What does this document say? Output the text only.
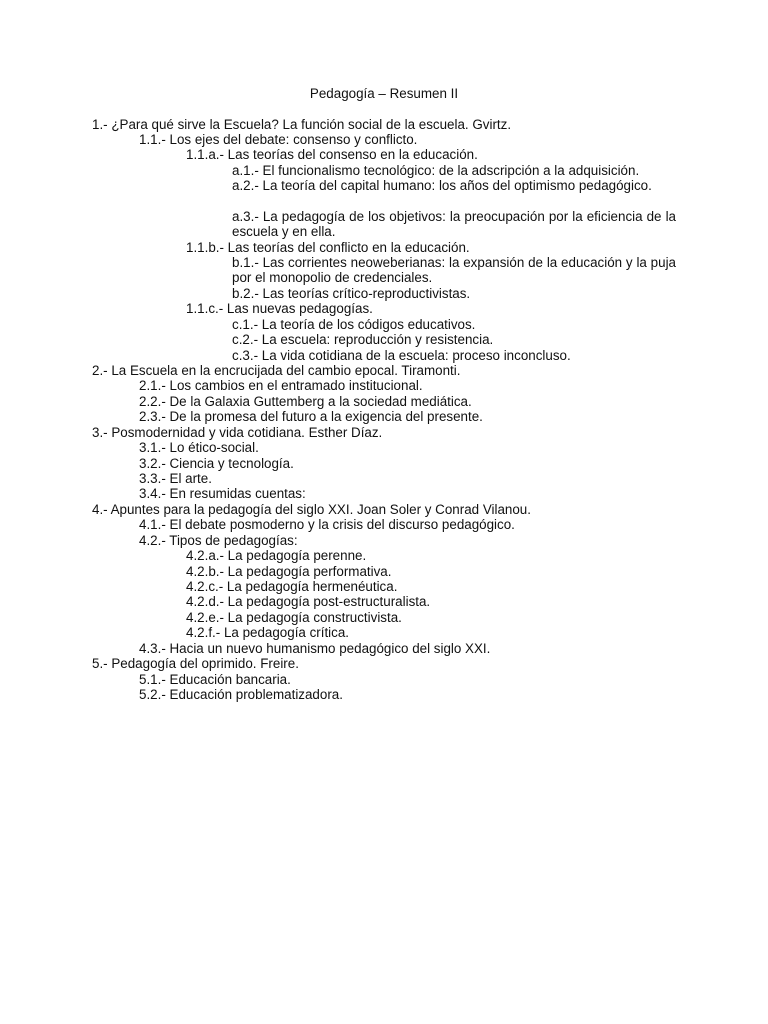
Pedagogía – Resumen II
1.- ¿Para qué sirve la Escuela? La función social de la escuela. Gvirtz.
1.1.- Los ejes del debate: consenso y conflicto.
1.1.a.- Las teorías del consenso en la educación.
a.1.- El funcionalismo tecnológico: de la adscripción a la adquisición.
a.2.- La teoría del capital humano: los años del optimismo pedagógico.
a.3.- La pedagogía de los objetivos: la preocupación por la eficiencia de la escuela y en ella.
1.1.b.- Las teorías del conflicto en la educación.
b.1.- Las corrientes neoweberianas: la expansión de la educación y la puja por el monopolio de credenciales.
b.2.- Las teorías crítico-reproductivistas.
1.1.c.- Las nuevas pedagogías.
c.1.- La teoría de los códigos educativos.
c.2.- La escuela: reproducción y resistencia.
c.3.- La vida cotidiana de la escuela: proceso inconcluso.
2.- La Escuela en la encrucijada del cambio epocal. Tiramonti.
2.1.- Los cambios en el entramado institucional.
2.2.- De la Galaxia Guttemberg a la sociedad mediática.
2.3.- De la promesa del futuro a la exigencia del presente.
3.- Posmodernidad y vida cotidiana. Esther Díaz.
3.1.- Lo ético-social.
3.2.- Ciencia y tecnología.
3.3.- El arte.
3.4.- En resumidas cuentas:
4.- Apuntes para la pedagogía del siglo XXI. Joan Soler y Conrad Vilanou.
4.1.- El debate posmoderno y la crisis del discurso pedagógico.
4.2.- Tipos de pedagogías:
4.2.a.- La pedagogía perenne.
4.2.b.- La pedagogía performativa.
4.2.c.- La pedagogía hermenéutica.
4.2.d.- La pedagogía post-estructuralista.
4.2.e.- La pedagogía constructivista.
4.2.f.- La pedagogía crítica.
4.3.- Hacia un nuevo humanismo pedagógico del siglo XXI.
5.- Pedagogía del oprimido. Freire.
5.1.- Educación bancaria.
5.2.- Educación problematizadora.
